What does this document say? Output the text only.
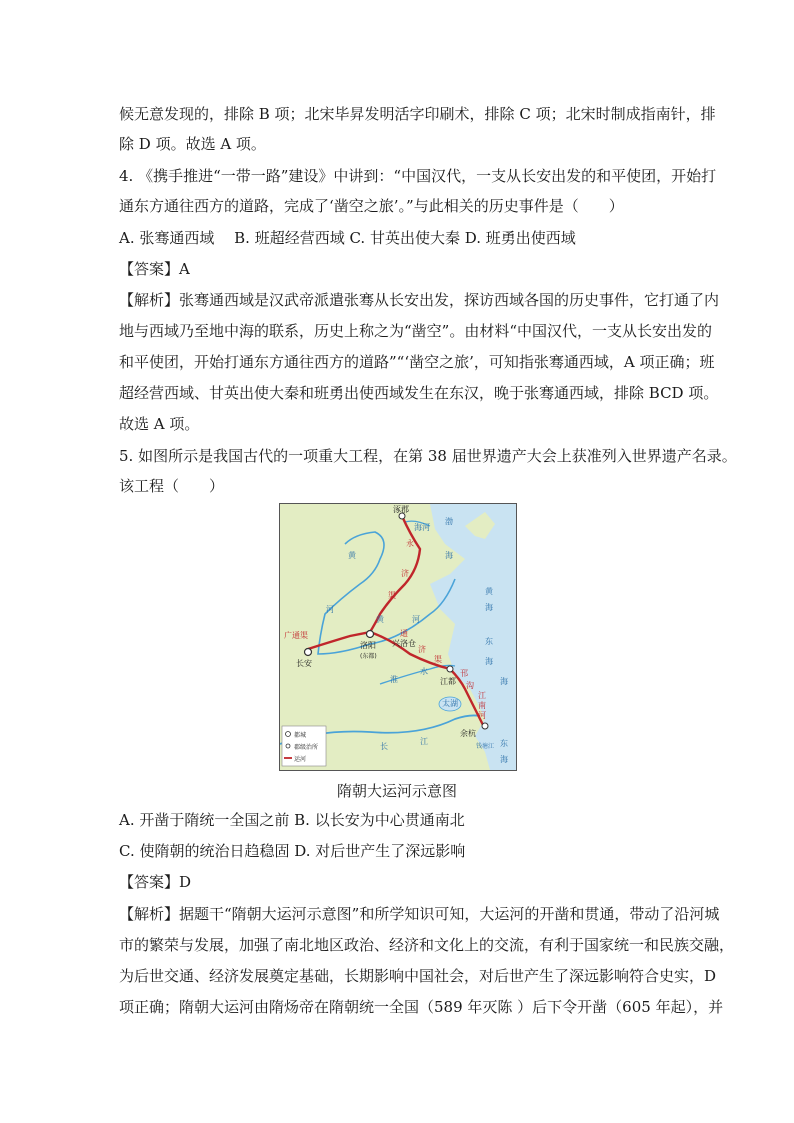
候无意发现的，排除 B 项；北宋毕昇发明活字印刷术，排除 C 项；北宋时制成指南针，排
除 D 项。故选 A 项。
4. 《携手推进“一带一路”建设》中讲到：“中国汉代，一支从长安出发的和平使团，开始打
通东方通往西方的道路，完成了‘凿空之旅’。”与此相关的历史事件是（　　）
A. 张骞通西域　 B. 班超经营西域 C. 甘英出使大秦 D. 班勇出使西域
【答案】A
【解析】张骞通西域是汉武帝派遣张骞从长安出发，探访西域各国的历史事件，它打通了内
地与西域乃至地中海的联系，历史上称之为“凿空”。由材料“中国汉代，一支从长安出发的
和平使团，开始打通东方通往西方的道路”“‘凿空之旅’，可知指张骞通西域，A 项正确；班
超经营西域、甘英出使大秦和班勇出使西域发生在东汉，晚于张骞通西域，排除 BCD 项。
故选 A 项。
5. 如图所示是我国古代的一项重大工程，在第 38 届世界遗产大会上获准列入世界遗产名录。
该工程（　　）
涿郡
海河
渤
海
黄
河
永
济
渠	黄
海
东
海
海
广通渠
洛阳
(东都)
兴洛仓
通
济
渠
黄	河
长安
淮
水	邗
沟
江都
江
南
河
太湖
余杭
钱塘江
长
江	东
海
都城
郡级治所
运河
隋朝大运河示意图
A. 开凿于隋统一全国之前 B. 以长安为中心贯通南北
C. 使隋朝的统治日趋稳固 D. 对后世产生了深远影响
【答案】D
【解析】据题干“隋朝大运河示意图”和所学知识可知，大运河的开凿和贯通，带动了沿河城
市的繁荣与发展，加强了南北地区政治、经济和文化上的交流，有利于国家统一和民族交融，
为后世交通、经济发展奠定基础，长期影响中国社会，对后世产生了深远影响符合史实，D
项正确；隋朝大运河由隋炀帝在隋朝统一全国（589 年灭陈 ）后下令开凿（605 年起），并
